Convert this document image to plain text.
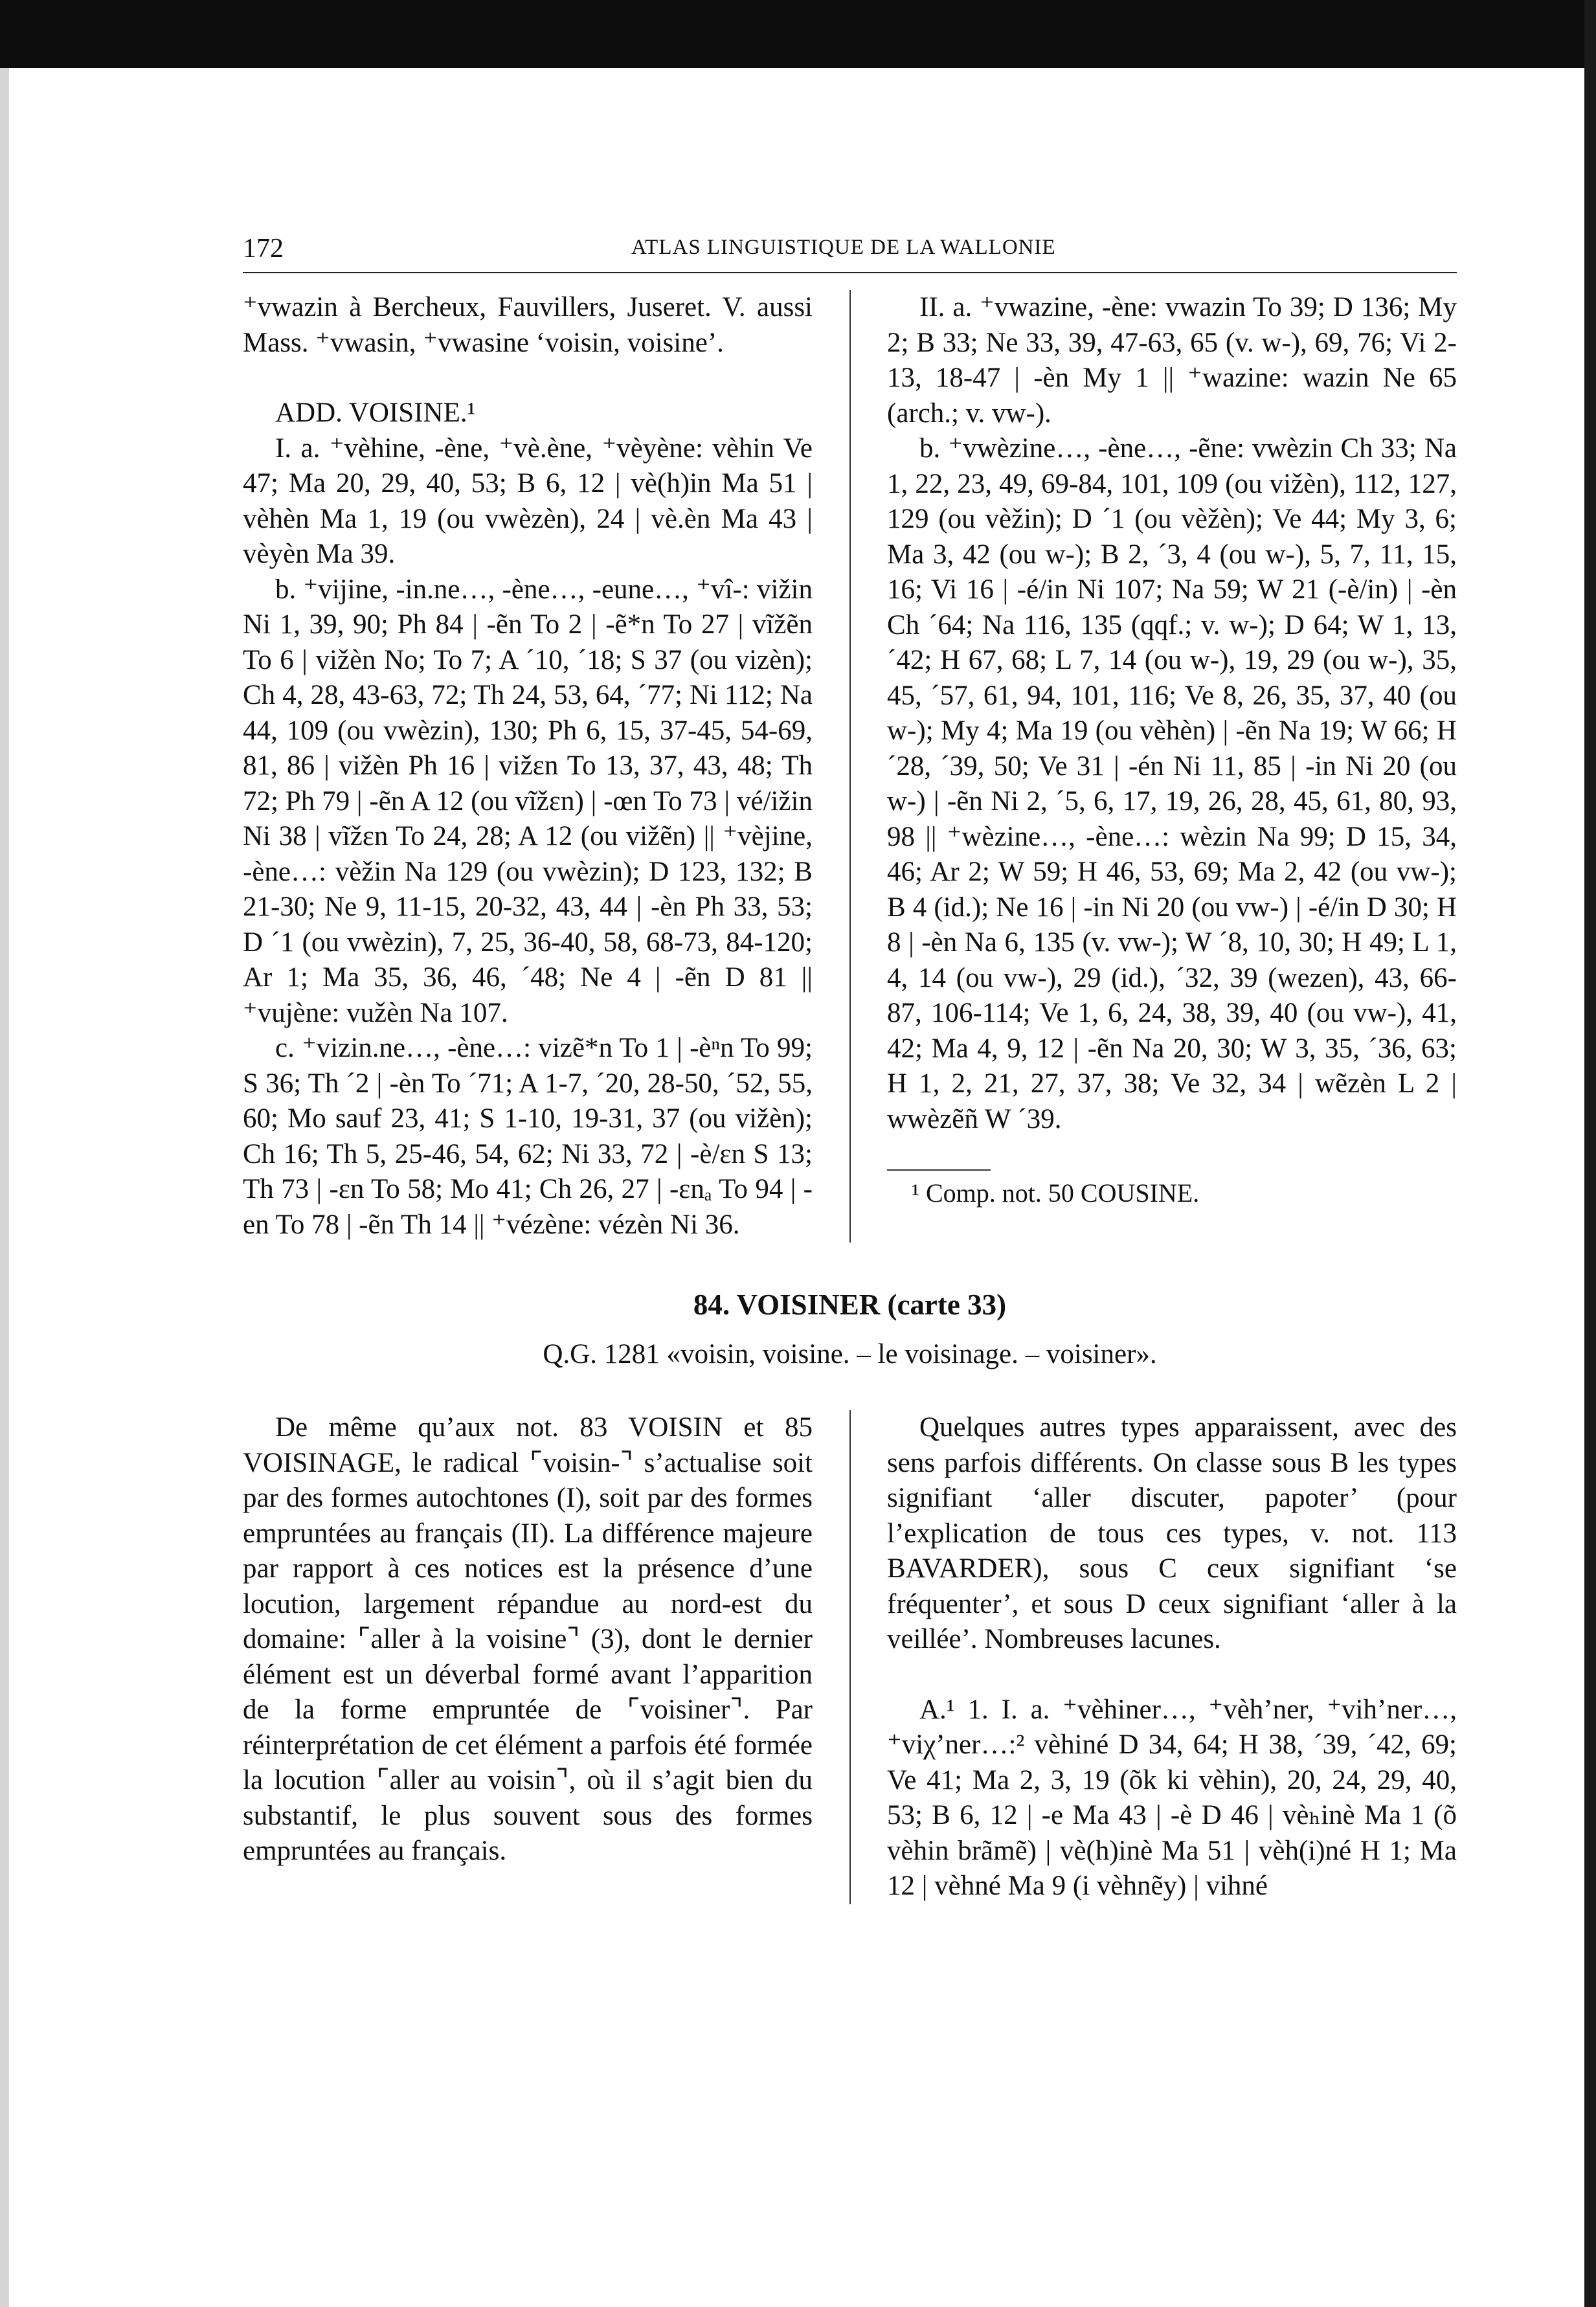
172	ATLAS LINGUISTIQUE DE LA WALLONIE

⁺vwazin à Bercheux, Fauvillers, Juseret. V. aussi Mass. ⁺vwasin, ⁺vwasine ‘voisin, voisine’.

ADD. VOISINE.¹

I. a. ⁺vèhine, -ène, ⁺vè.ène, ⁺vèyène: vèhin Ve 47; Ma 20, 29, 40, 53; B 6, 12 | vè(h)in Ma 51 | vèhèn Ma 1, 19 (ou vwèzèn), 24 | vè.èn Ma 43 | vèyèn Ma 39.

b. ⁺vijine, -in.ne…, -ène…, -eune…, ⁺vî-: vižin Ni 1, 39, 90; Ph 84 | -ẽn To 2 | -ẽ*n To 27 | vĩžẽn To 6 | vižèn No; To 7; A ´10, ´18; S 37 (ou vizèn); Ch 4, 28, 43-63, 72; Th 24, 53, 64, ´77; Ni 112; Na 44, 109 (ou vwèzin), 130; Ph 6, 15, 37-45, 54-69, 81, 86 | vižèn Ph 16 | vižɛn To 13, 37, 43, 48; Th 72; Ph 79 | -ẽn A 12 (ou vĩžɛn) | -œn To 73 | vé/ižin Ni 38 | vĩžɛn To 24, 28; A 12 (ou vižẽn) || ⁺vèjine, -ène…: vèžin Na 129 (ou vwèzin); D 123, 132; B 21-30; Ne 9, 11-15, 20-32, 43, 44 | -èn Ph 33, 53; D ´1 (ou vwèzin), 7, 25, 36-40, 58, 68-73, 84-120; Ar 1; Ma 35, 36, 46, ´48; Ne 4 | -ẽn D 81 || ⁺vujène: vužèn Na 107.

c. ⁺vizin.ne…, -ène…: vizẽ*n To 1 | -èⁿn To 99; S 36; Th ´2 | -èn To ´71; A 1-7, ´20, 28-50, ´52, 55, 60; Mo sauf 23, 41; S 1-10, 19-31, 37 (ou vižèn); Ch 16; Th 5, 25-46, 54, 62; Ni 33, 72 | -è/ɛn S 13; Th 73 | -ɛn To 58; Mo 41; Ch 26, 27 | -ɛnₐ To 94 | -en To 78 | -ẽn Th 14 || ⁺vézène: vézèn Ni 36.

II. a. ⁺vwazine, -ène: vwazin To 39; D 136; My 2; B 33; Ne 33, 39, 47-63, 65 (v. w-), 69, 76; Vi 2-13, 18-47 | -èn My 1 || ⁺wazine: wazin Ne 65 (arch.; v. vw-).

b. ⁺vwèzine…, -ène…, -ẽne: vwèzin Ch 33; Na 1, 22, 23, 49, 69-84, 101, 109 (ou vižèn), 112, 127, 129 (ou vèžin); D ´1 (ou vèžèn); Ve 44; My 3, 6; Ma 3, 42 (ou w-); B 2, ´3, 4 (ou w-), 5, 7, 11, 15, 16; Vi 16 | -é/in Ni 107; Na 59; W 21 (-è/in) | -èn Ch ´64; Na 116, 135 (qqf.; v. w-); D 64; W 1, 13, ´42; H 67, 68; L 7, 14 (ou w-), 19, 29 (ou w-), 35, 45, ´57, 61, 94, 101, 116; Ve 8, 26, 35, 37, 40 (ou w-); My 4; Ma 19 (ou vèhèn) | -ẽn Na 19; W 66; H ´28, ´39, 50; Ve 31 | -én Ni 11, 85 | -in Ni 20 (ou w-) | -ẽn Ni 2, ´5, 6, 17, 19, 26, 28, 45, 61, 80, 93, 98 || ⁺wèzine…, -ène…: wèzin Na 99; D 15, 34, 46; Ar 2; W 59; H 46, 53, 69; Ma 2, 42 (ou vw-); B 4 (id.); Ne 16 | -in Ni 20 (ou vw-) | -é/in D 30; H 8 | -èn Na 6, 135 (v. vw-); W ´8, 10, 30; H 49; L 1, 4, 14 (ou vw-), 29 (id.), ´32, 39 (wezen), 43, 66-87, 106-114; Ve 1, 6, 24, 38, 39, 40 (ou vw-), 41, 42; Ma 4, 9, 12 | -ẽn Na 20, 30; W 3, 35, ´36, 63; H 1, 2, 21, 27, 37, 38; Ve 32, 34 | wẽzèn L 2 | wwèzẽñ W ´39.

¹ Comp. not. 50 COUSINE.
84. VOISINER (carte 33)
Q.G. 1281 «voisin, voisine. – le voisinage. – voisiner».

De même qu’aux not. 83 VOISIN et 85 VOISINAGE, le radical ⌜voisin-⌝ s’actualise soit par des formes autochtones (I), soit par des formes empruntées au français (II). La différence majeure par rapport à ces notices est la présence d’une locution, largement répandue au nord-est du domaine: ⌜aller à la voisine⌝ (3), dont le dernier élément est un déverbal formé avant l’apparition de la forme empruntée de ⌜voisiner⌝. Par réinterprétation de cet élément a parfois été formée la locution ⌜aller au voisin⌝, où il s’agit bien du substantif, le plus souvent sous des formes empruntées au français.

Quelques autres types apparaissent, avec des sens parfois différents. On classe sous B les types signifiant ‘aller discuter, papoter’ (pour l’explication de tous ces types, v. not. 113 BAVARDER), sous C ceux signifiant ‘se fréquenter’, et sous D ceux signifiant ‘aller à la veillée’. Nombreuses lacunes.

A.¹ 1. I. a. ⁺vèhiner…, ⁺vèh’ner, ⁺vih’ner…, ⁺viχ’ner…:² vèhiné D 34, 64; H 38, ´39, ´42, 69; Ve 41; Ma 2, 3, 19 (õk ki vèhin), 20, 24, 29, 40, 53; B 6, 12 | -e Ma 43 | -è D 46 | vèₕinè Ma 1 (õ vèhin brãmẽ) | vè(h)inè Ma 51 | vèh(i)né H 1; Ma 12 | vèhné Ma 9 (i vèhnẽy) | vihné
